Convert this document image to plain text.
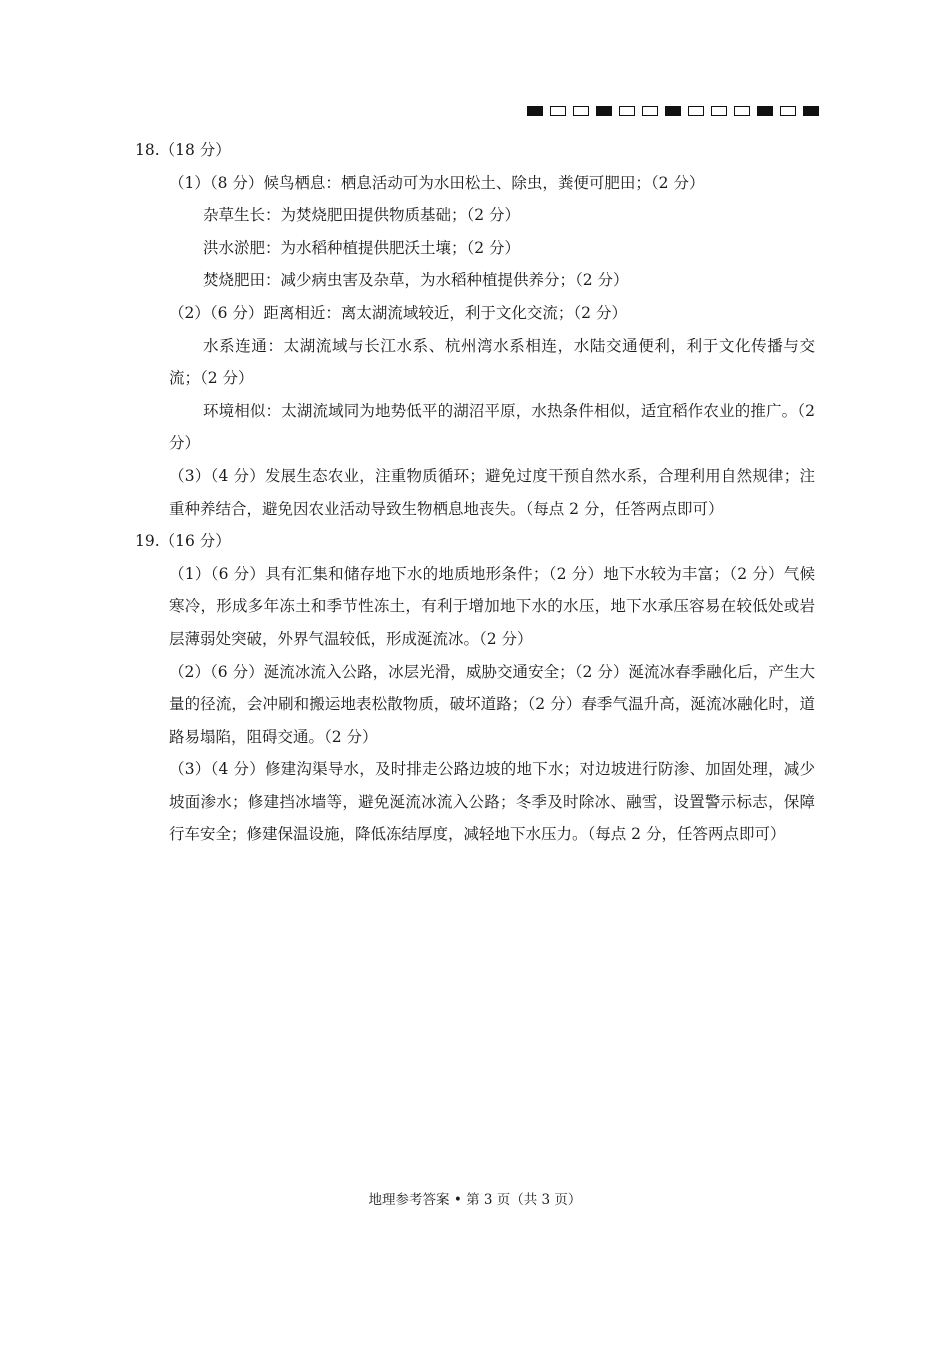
18.（18 分）

（1）（8 分）候鸟栖息：栖息活动可为水田松土、除虫，粪便可肥田；（2 分）

杂草生长：为焚烧肥田提供物质基础；（2 分）

洪水淤肥：为水稻种植提供肥沃土壤；（2 分）

焚烧肥田：减少病虫害及杂草，为水稻种植提供养分；（2 分）

（2）（6 分）距离相近：离太湖流域较近，利于文化交流；（2 分）

水系连通：太湖流域与长江水系、杭州湾水系相连，水陆交通便利，利于文化传播与交流；（2 分）

环境相似：太湖流域同为地势低平的湖沼平原，水热条件相似，适宜稻作农业的推广。（2 分）

（3）（4 分）发展生态农业，注重物质循环；避免过度干预自然水系，合理利用自然规律；注重种养结合，避免因农业活动导致生物栖息地丧失。（每点 2 分，任答两点即可）

19.（16 分）

（1）（6 分）具有汇集和储存地下水的地质地形条件；（2 分）地下水较为丰富；（2 分）气候寒冷，形成多年冻土和季节性冻土，有利于增加地下水的水压，地下水承压容易在较低处或岩层薄弱处突破，外界气温较低，形成涎流冰。（2 分）

（2）（6 分）涎流冰流入公路，冰层光滑，威胁交通安全；（2 分）涎流冰春季融化后，产生大量的径流，会冲刷和搬运地表松散物质，破坏道路；（2 分）春季气温升高，涎流冰融化时，道路易塌陷，阻碍交通。（2 分）

（3）（4 分）修建沟渠导水，及时排走公路边坡的地下水；对边坡进行防渗、加固处理，减少坡面渗水；修建挡冰墙等，避免涎流冰流入公路；冬季及时除冰、融雪，设置警示标志，保障行车安全；修建保温设施，降低冻结厚度，减轻地下水压力。（每点 2 分，任答两点即可）

地理参考答案 • 第 3 页（共 3 页）
